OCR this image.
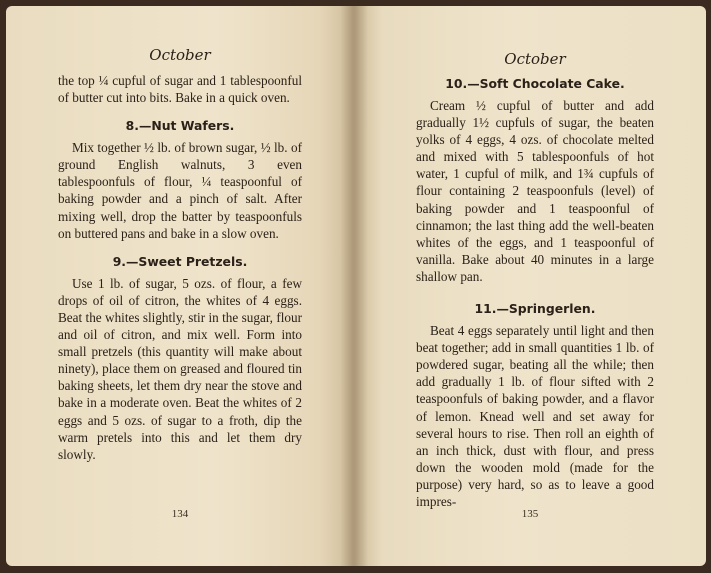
October

the top ¼ cupful of sugar and 1 tablespoonful of butter cut into bits. Bake in a quick oven.

8.—Nut Wafers.

Mix together ½ lb. of brown sugar, ½ lb. of ground English walnuts, 3 even tablespoonfuls of flour, ¼ teaspoonful of baking powder and a pinch of salt. After mixing well, drop the batter by teaspoonfuls on buttered pans and bake in a slow oven.

9.—Sweet Pretzels.

Use 1 lb. of sugar, 5 ozs. of flour, a few drops of oil of citron, the whites of 4 eggs. Beat the whites slightly, stir in the sugar, flour and oil of citron, and mix well. Form into small pretzels (this quantity will make about ninety), place them on greased and floured tin baking sheets, let them dry near the stove and bake in a moderate oven. Beat the whites of 2 eggs and 5 ozs. of sugar to a froth, dip the warm pretels into this and let them dry slowly.

134
October
10.—Soft Chocolate Cake.

Cream ½ cupful of butter and add gradually 1½ cupfuls of sugar, the beaten yolks of 4 eggs, 4 ozs. of chocolate melted and mixed with 5 tablespoonfuls of hot water, 1 cupful of milk, and 1¾ cupfuls of flour containing 2 teaspoonfuls (level) of baking powder and 1 teaspoonful of cinnamon; the last thing add the well-beaten whites of the eggs, and 1 teaspoonful of vanilla. Bake about 40 minutes in a large shallow pan.

11.—Springerlen.

Beat 4 eggs separately until light and then beat together; add in small quantities 1 lb. of powdered sugar, beating all the while; then add gradually 1 lb. of flour sifted with 2 teaspoonfuls of baking powder, and a flavor of lemon. Knead well and set away for several hours to rise. Then roll an eighth of an inch thick, dust with flour, and press down the wooden mold (made for the purpose) very hard, so as to leave a good impres-

135
